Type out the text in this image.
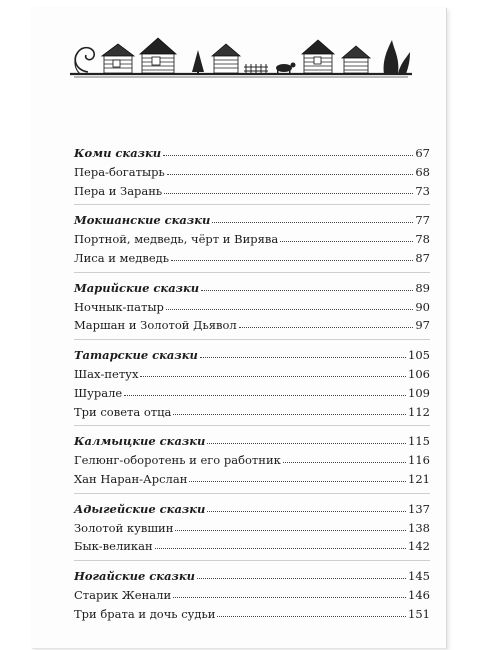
Коми сказки	67
Пера-богатырь	68
Пера и Зарань	73
Мокшанские сказки	77
Портной, медведь, чёрт и Вирява	78
Лиса и медведь	87
Марийские сказки	89
Ночнык-патыр	90
Маршан и Золотой Дьявол	97
Татарские сказки	105
Шах-петух	106
Шурале	109
Три совета отца	112
Калмыцкие сказки	115
Гелюнг-оборотень и его работник	116
Хан Наран-Арслан	121
Адыгейские сказки	137
Золотой кувшин	138
Бык-великан	142
Ногайские сказки	145
Старик Женали	146
Три брата и дочь судьи	151
